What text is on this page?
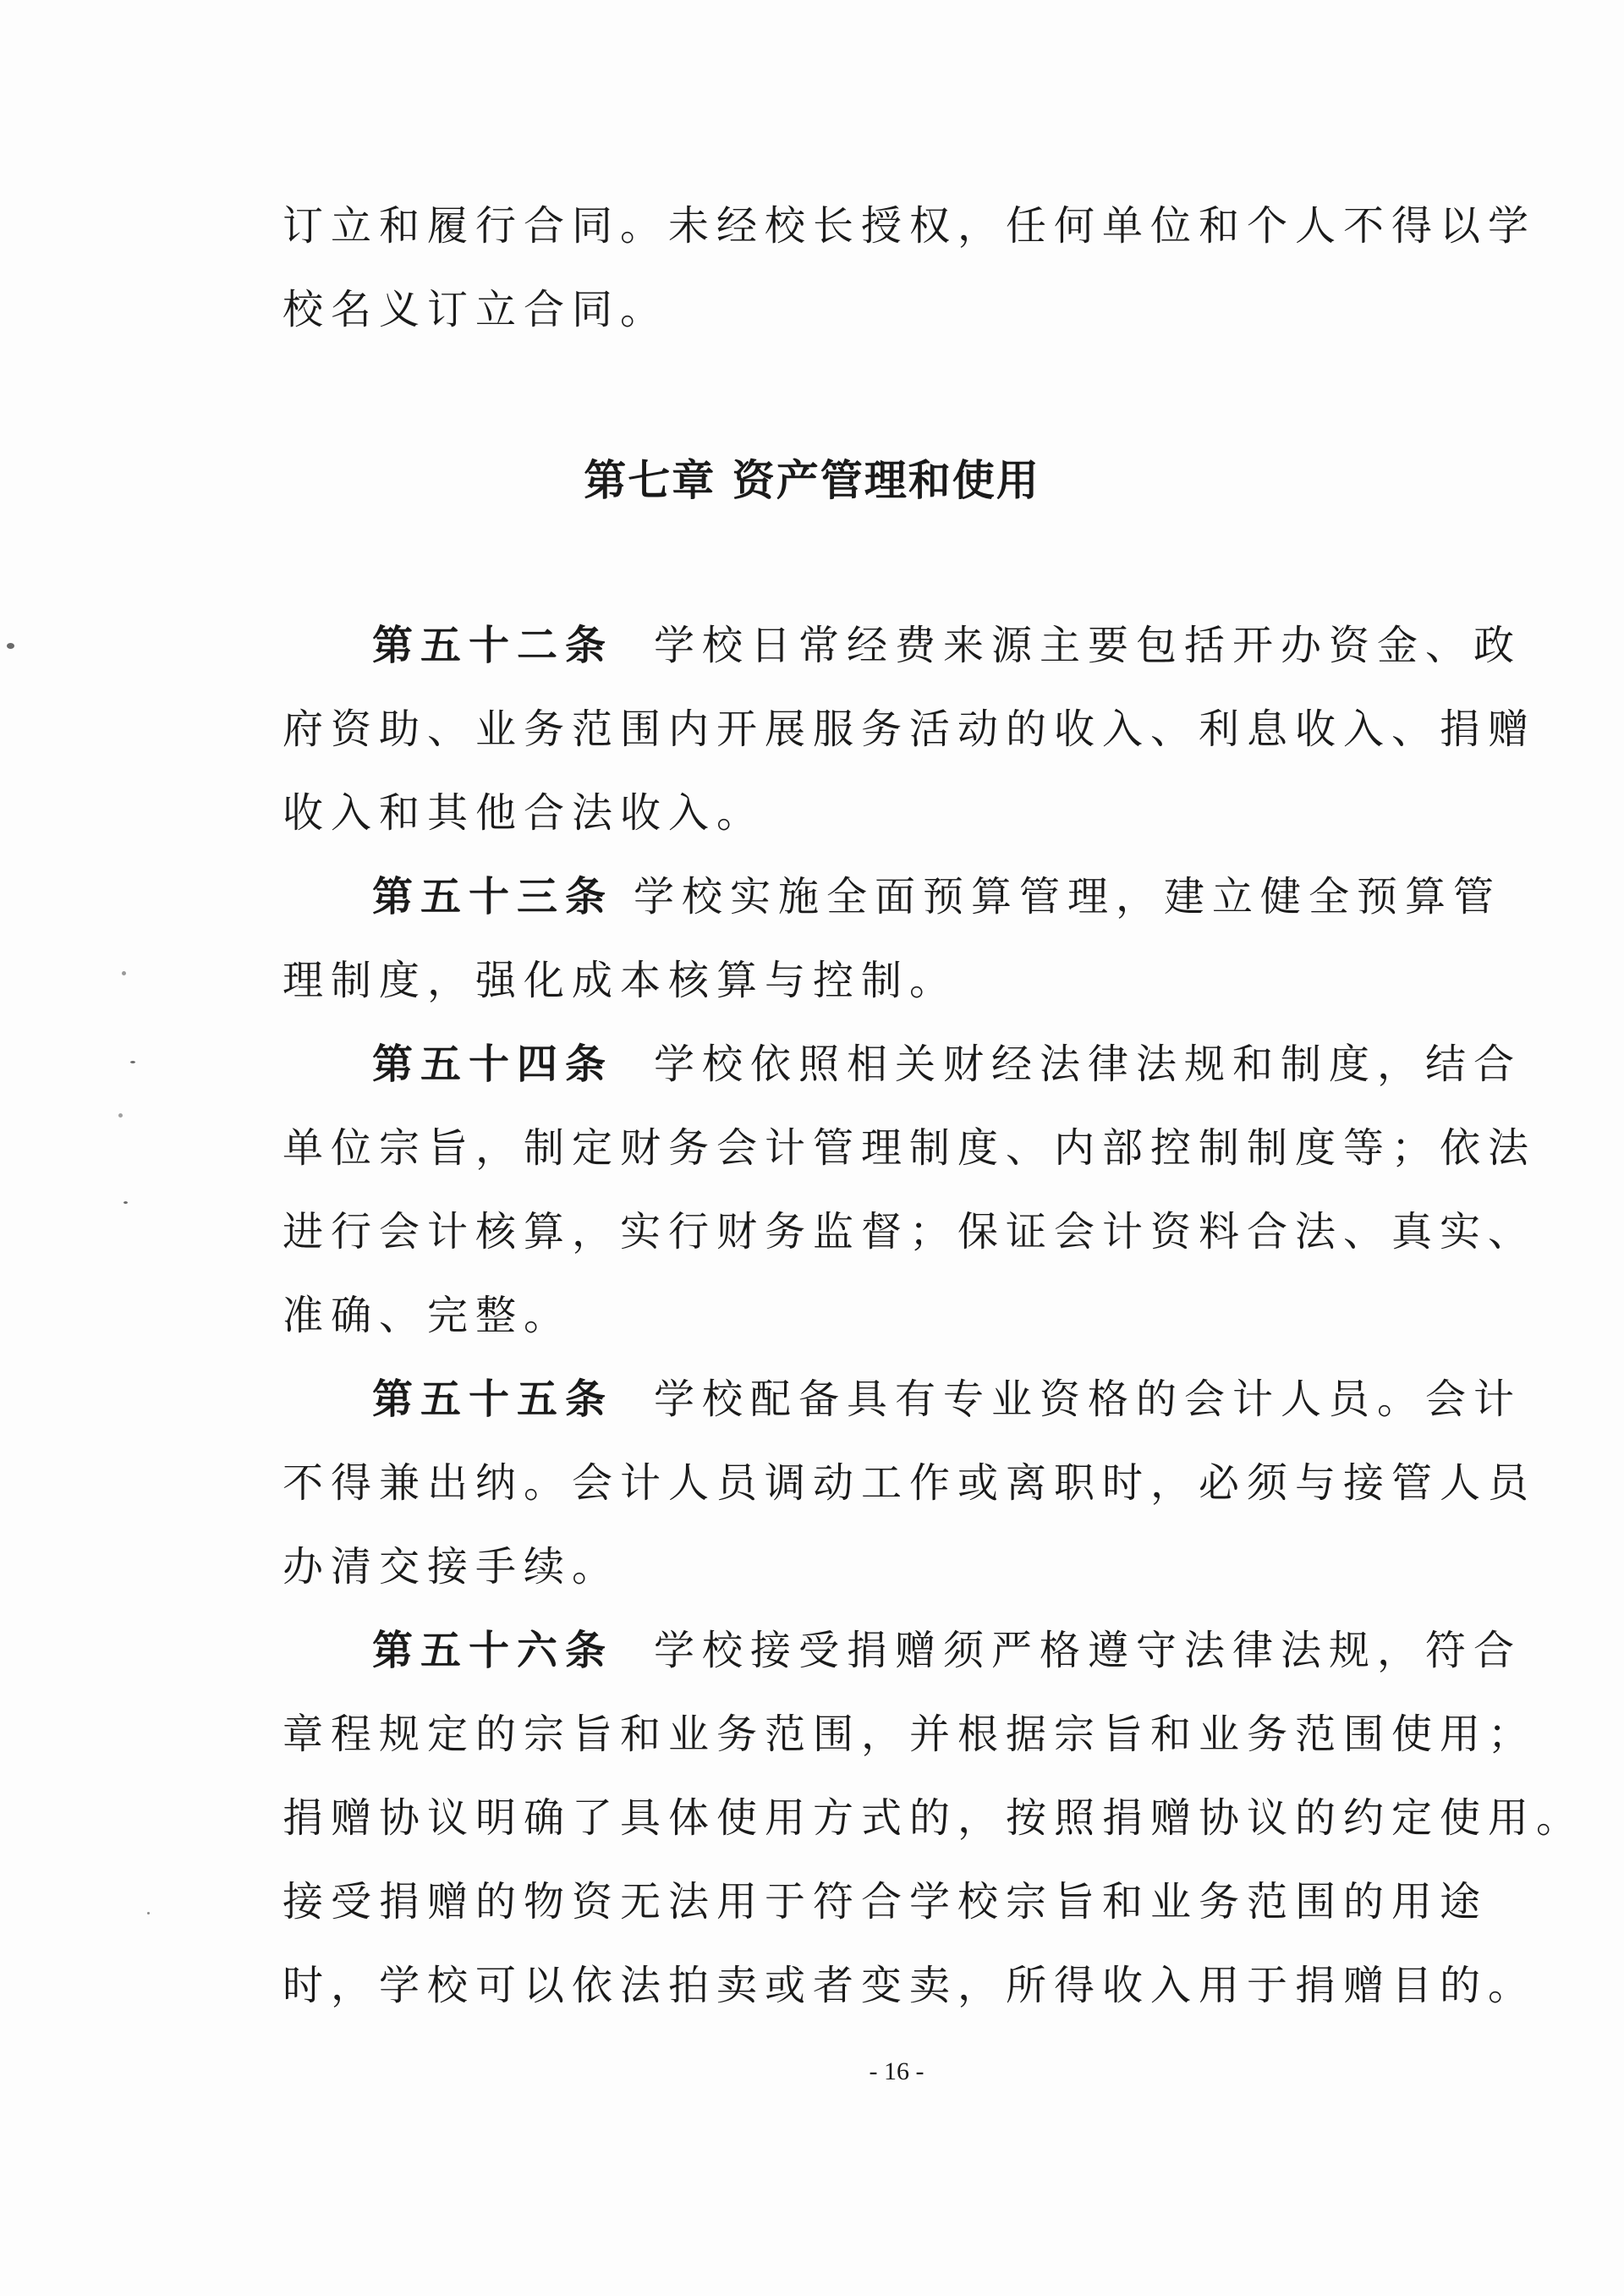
订立和履行合同。未经校长授权，任何单位和个人不得以学
校名义订立合同。
第七章 资产管理和使用
第五十二条 学校日常经费来源主要包括开办资金、政
府资助、业务范围内开展服务活动的收入、利息收入、捐赠
收入和其他合法收入。
第五十三条 学校实施全面预算管理，建立健全预算管
理制度，强化成本核算与控制。
第五十四条 学校依照相关财经法律法规和制度，结合
单位宗旨，制定财务会计管理制度、内部控制制度等；依法
进行会计核算，实行财务监督；保证会计资料合法、真实、
准确、完整。
第五十五条 学校配备具有专业资格的会计人员。会计
不得兼出纳。会计人员调动工作或离职时，必须与接管人员
办清交接手续。
第五十六条 学校接受捐赠须严格遵守法律法规，符合
章程规定的宗旨和业务范围，并根据宗旨和业务范围使用；
捐赠协议明确了具体使用方式的，按照捐赠协议的约定使用。
接受捐赠的物资无法用于符合学校宗旨和业务范围的用途
时，学校可以依法拍卖或者变卖，所得收入用于捐赠目的。

- 16 -
